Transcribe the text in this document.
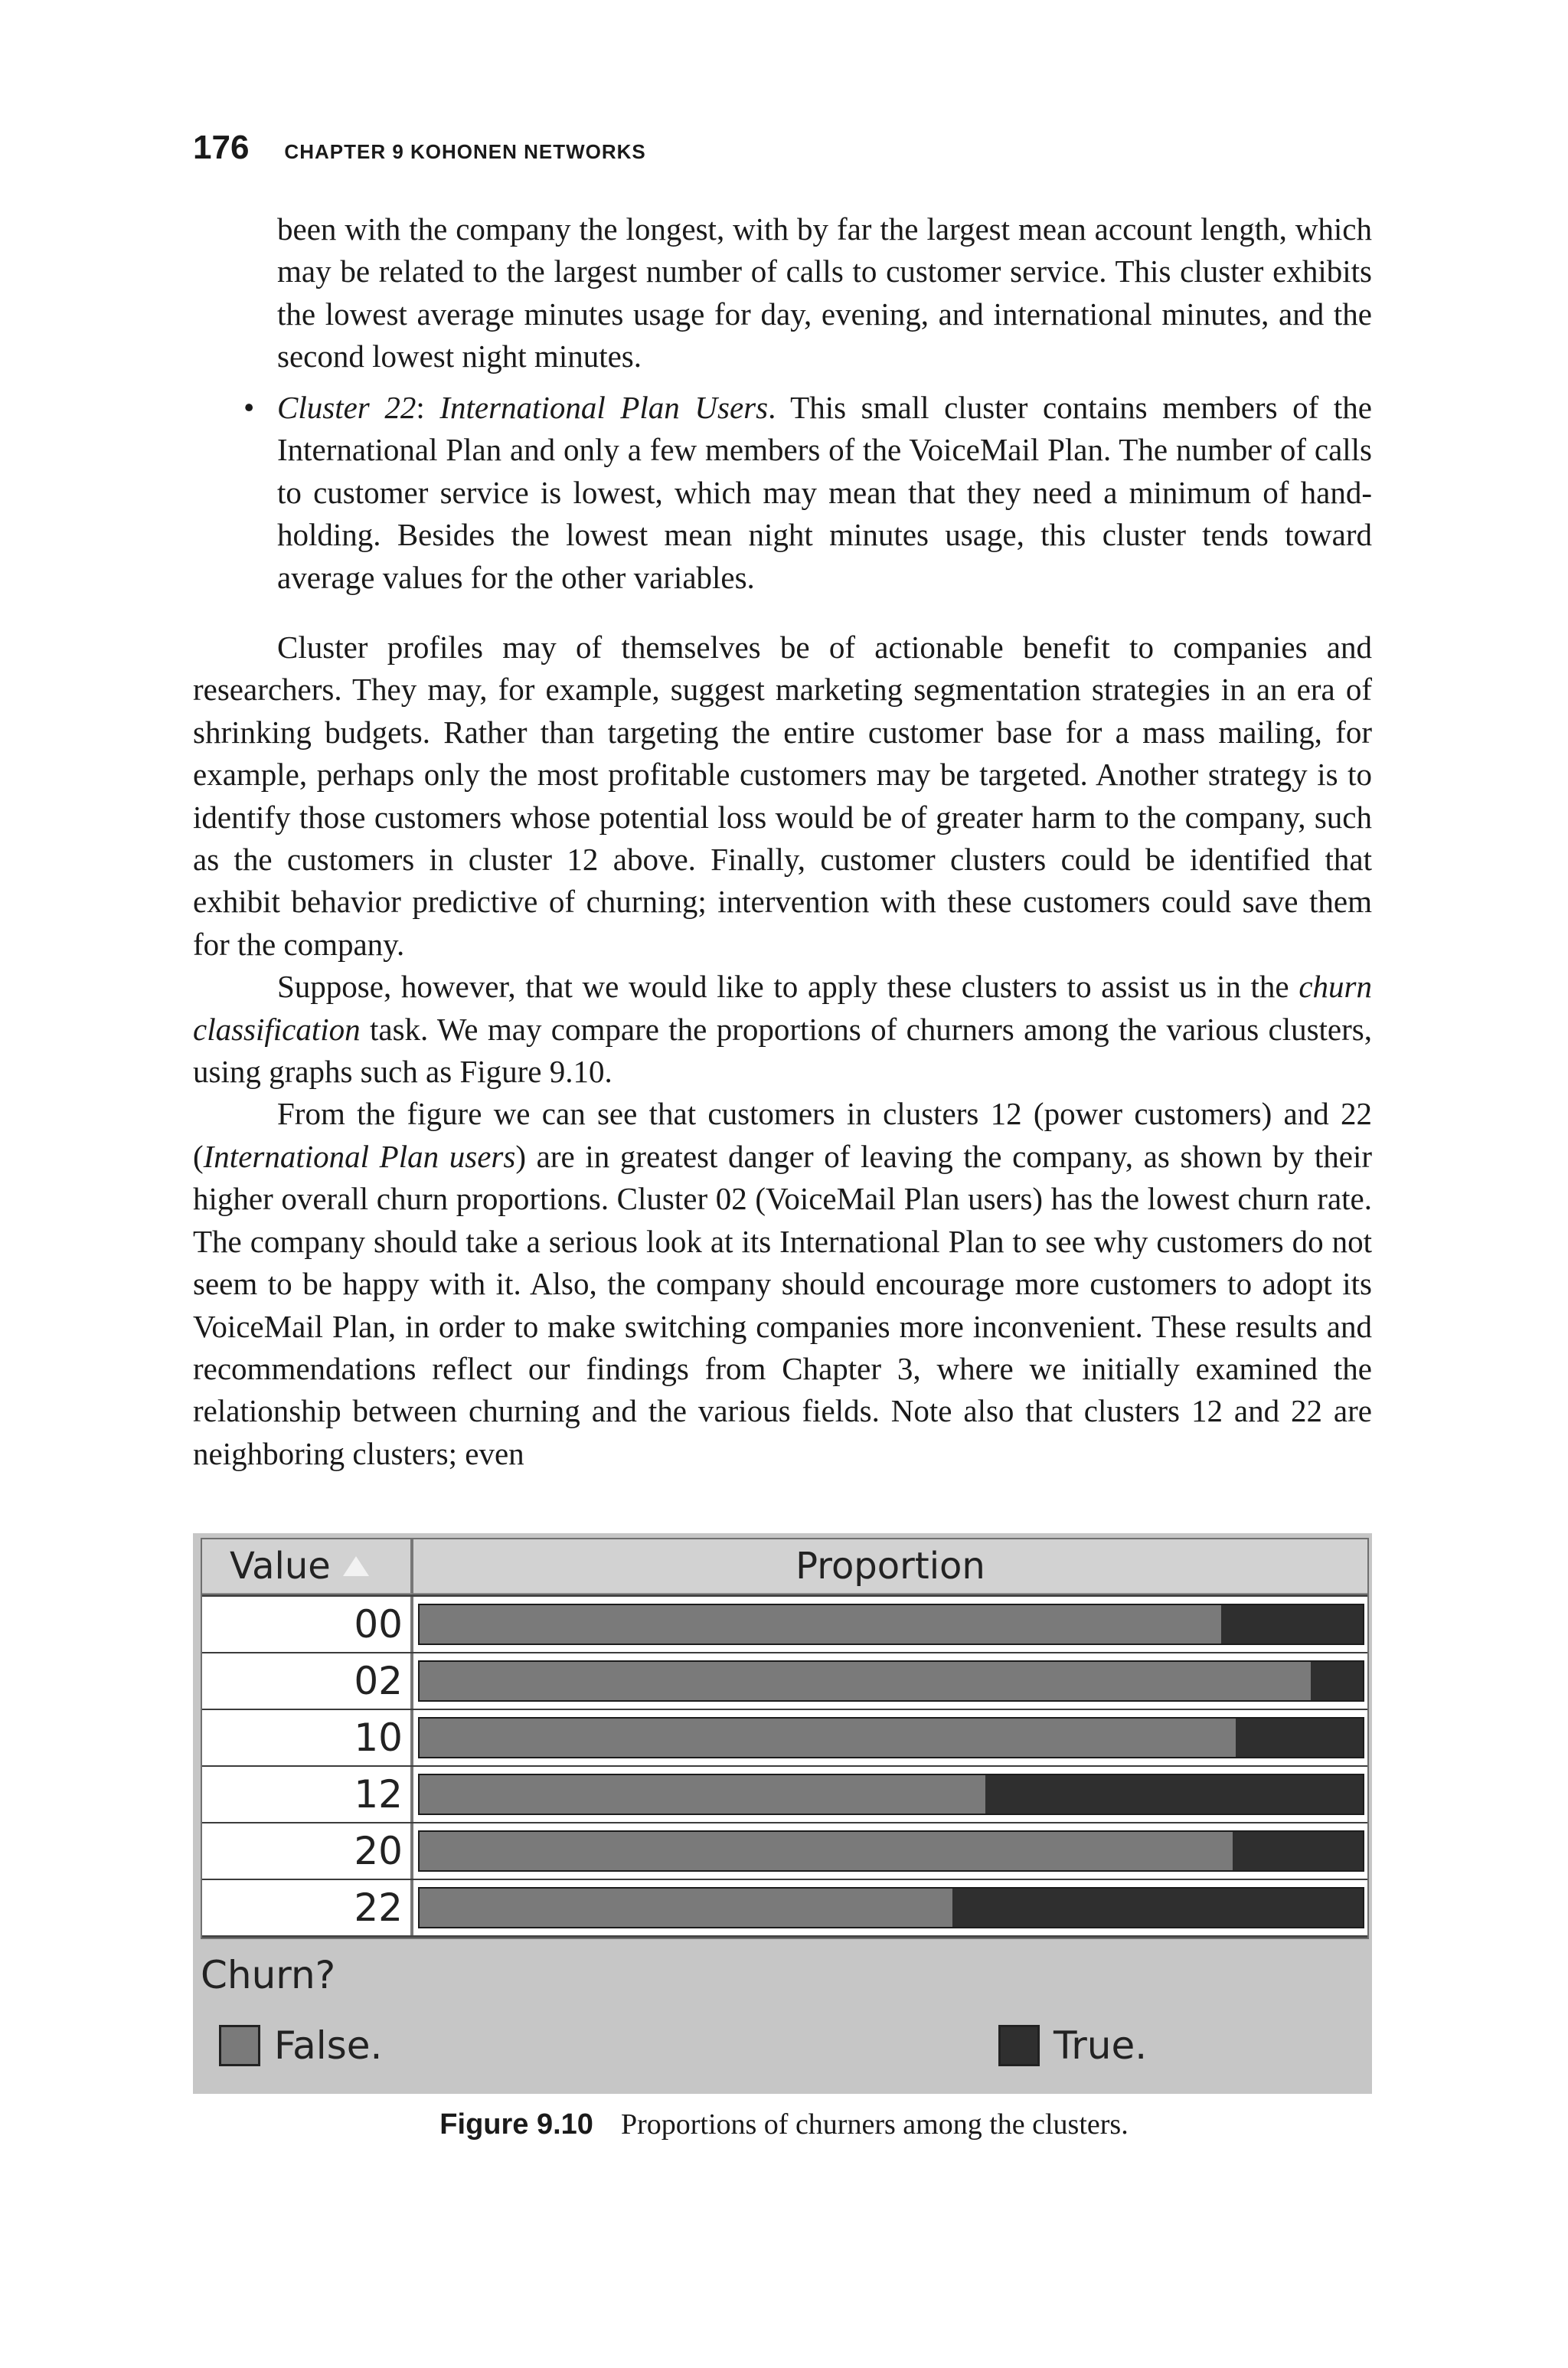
176 CHAPTER 9 KOHONEN NETWORKS

been with the company the longest, with by far the largest mean account length, which may be related to the largest number of calls to customer service. This cluster exhibits the lowest average minutes usage for day, evening, and international minutes, and the second lowest night minutes.

• Cluster 22: International Plan Users. This small cluster contains members of the International Plan and only a few members of the VoiceMail Plan. The number of calls to customer service is lowest, which may mean that they need a minimum of hand-holding. Besides the lowest mean night minutes usage, this cluster tends toward average values for the other variables.

Cluster profiles may of themselves be of actionable benefit to companies and researchers. They may, for example, suggest marketing segmentation strategies in an era of shrinking budgets. Rather than targeting the entire customer base for a mass mailing, for example, perhaps only the most profitable customers may be targeted. Another strategy is to identify those customers whose potential loss would be of greater harm to the company, such as the customers in cluster 12 above. Finally, customer clusters could be identified that exhibit behavior predictive of churning; intervention with these customers could save them for the company.

Suppose, however, that we would like to apply these clusters to assist us in the churn classification task. We may compare the proportions of churners among the various clusters, using graphs such as Figure 9.10.

From the figure we can see that customers in clusters 12 (power customers) and 22 (International Plan users) are in greatest danger of leaving the company, as shown by their higher overall churn proportions. Cluster 02 (VoiceMail Plan users) has the lowest churn rate. The company should take a serious look at its International Plan to see why customers do not seem to be happy with it. Also, the company should encourage more customers to adopt its VoiceMail Plan, in order to make switching companies more inconvenient. These results and recommendations reflect our findings from Chapter 3, where we initially examined the relationship between churning and the various fields. Note also that clusters 12 and 22 are neighboring clusters; even

Value	Proportion
00
02
10
12
20
22
Churn?
False.	True.
Figure 9.10 Proportions of churners among the clusters.
